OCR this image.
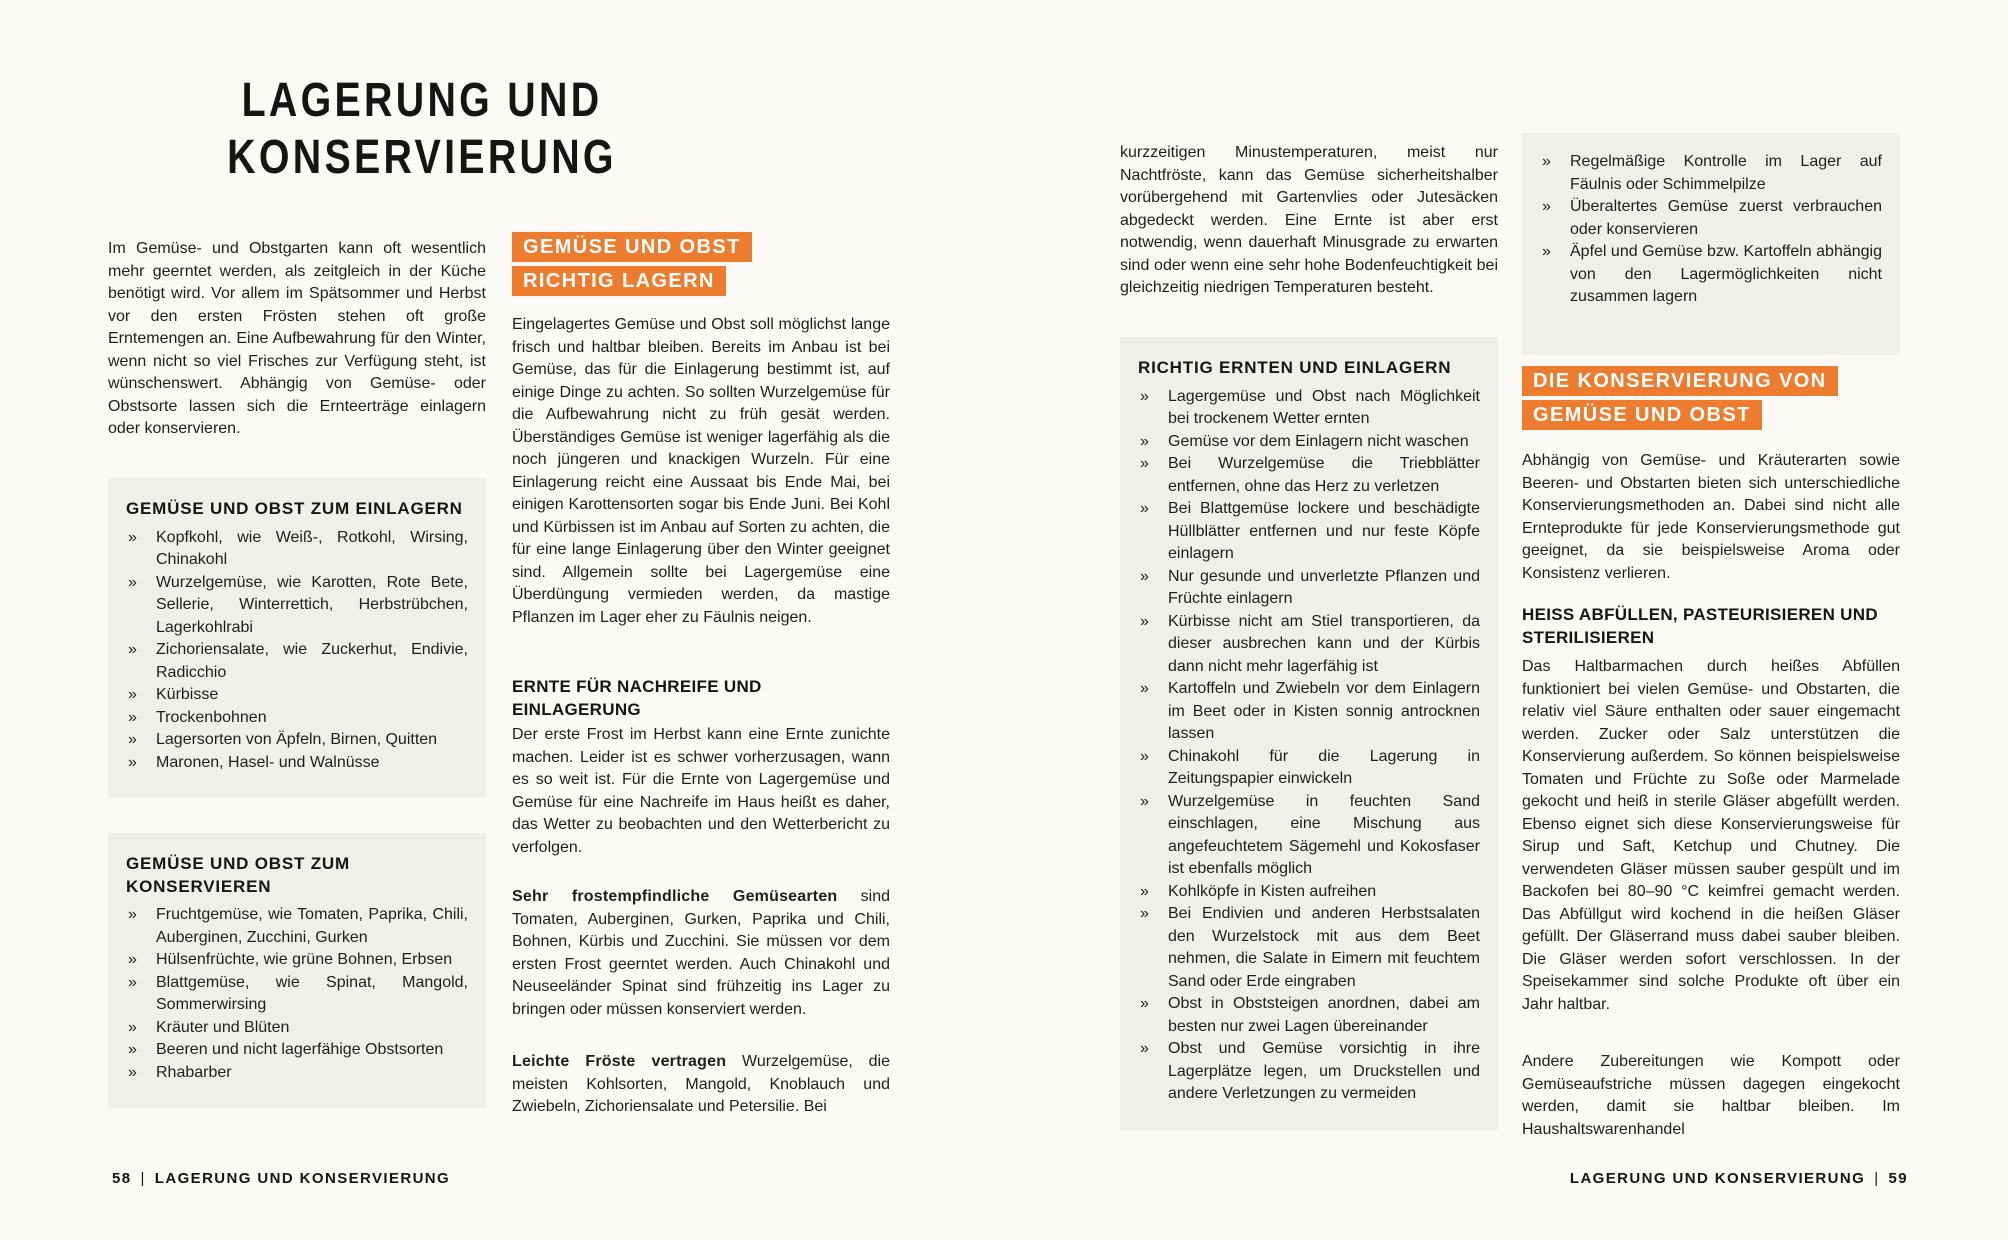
LAGERUNG UND
KONSERVIERUNG

Im Gemüse- und Obstgarten kann oft wesentlich mehr geerntet werden, als zeitgleich in der Küche benötigt wird. Vor allem im Spätsommer und Herbst vor den ersten Frösten stehen oft große Erntemengen an. Eine Aufbewahrung für den Winter, wenn nicht so viel Frisches zur Verfügung steht, ist wünschenswert. Abhängig von Gemüse- oder Obstsorte lassen sich die Ernteerträge einlagern oder konservieren.

GEMÜSE UND OBST ZUM EINLAGERN
»	Kopfkohl, wie Weiß-, Rotkohl, Wirsing, Chinakohl
»	Wurzelgemüse, wie Karotten, Rote Bete, Sellerie, Winterrettich, Herbstrübchen, Lagerkohlrabi
»	Zichoriensalate, wie Zuckerhut, Endivie, Radicchio
»	Kürbisse
»	Trockenbohnen
»	Lagersorten von Äpfeln, Birnen, Quitten
»	Maronen, Hasel- und Walnüsse
GEMÜSE UND OBST ZUM KONSERVIEREN
»	Fruchtgemüse, wie Tomaten, Paprika, Chili, Auberginen, Zucchini, Gurken
»	Hülsenfrüchte, wie grüne Bohnen, Erbsen
»	Blattgemüse, wie Spinat, Mangold, Sommerwirsing
»	Kräuter und Blüten
»	Beeren und nicht lagerfähige Obstsorten
»	Rhabarber
GEMÜSE UND OBST
RICHTIG LAGERN

Eingelagertes Gemüse und Obst soll möglichst lange frisch und haltbar bleiben. Bereits im Anbau ist bei Gemüse, das für die Einlagerung bestimmt ist, auf einige Dinge zu achten. So sollten Wurzelgemüse für die Aufbewahrung nicht zu früh gesät werden. Überständiges Gemüse ist weniger lagerfähig als die noch jüngeren und knackigen Wurzeln. Für eine Einlagerung reicht eine Aussaat bis Ende Mai, bei einigen Karottensorten sogar bis Ende Juni. Bei Kohl und Kürbissen ist im Anbau auf Sorten zu achten, die für eine lange Einlagerung über den Winter geeignet sind. Allgemein sollte bei Lagergemüse eine Überdüngung vermieden werden, da mastige Pflanzen im Lager eher zu Fäulnis neigen.

ERNTE FÜR NACHREIFE UND EINLAGERUNG

Der erste Frost im Herbst kann eine Ernte zunichte machen. Leider ist es schwer vorherzusagen, wann es so weit ist. Für die Ernte von Lagergemüse und Gemüse für eine Nachreife im Haus heißt es daher, das Wetter zu beobachten und den Wetterbericht zu verfolgen.

Sehr frostempfindliche Gemüsearten sind Tomaten, Auberginen, Gurken, Paprika und Chili, Bohnen, Kürbis und Zucchini. Sie müssen vor dem ersten Frost geerntet werden. Auch Chinakohl und Neuseeländer Spinat sind frühzeitig ins Lager zu bringen oder müssen konserviert werden.

Leichte Fröste vertragen Wurzelgemüse, die meisten Kohlsorten, Mangold, Knoblauch und Zwiebeln, Zichoriensalate und Petersilie. Bei

58 | LAGERUNG UND KONSERVIERUNG

kurzzeitigen Minustemperaturen, meist nur Nachtfröste, kann das Gemüse sicherheitshalber vorübergehend mit Gartenvlies oder Jutesäcken abgedeckt werden. Eine Ernte ist aber erst notwendig, wenn dauerhaft Minusgrade zu erwarten sind oder wenn eine sehr hohe Bodenfeuchtigkeit bei gleichzeitig niedrigen Temperaturen besteht.

RICHTIG ERNTEN UND EINLAGERN
»	Lagergemüse und Obst nach Möglichkeit bei trockenem Wetter ernten
»	Gemüse vor dem Einlagern nicht waschen
»	Bei Wurzelgemüse die Triebblätter entfernen, ohne das Herz zu verletzen
»	Bei Blattgemüse lockere und beschädigte Hüllblätter entfernen und nur feste Köpfe einlagern
»	Nur gesunde und unverletzte Pflanzen und Früchte einlagern
»	Kürbisse nicht am Stiel transportieren, da dieser ausbrechen kann und der Kürbis dann nicht mehr lagerfähig ist
»	Kartoffeln und Zwiebeln vor dem Einlagern im Beet oder in Kisten sonnig antrocknen lassen
»	Chinakohl für die Lagerung in Zeitungspapier einwickeln
»	Wurzelgemüse in feuchten Sand einschlagen, eine Mischung aus angefeuchtetem Sägemehl und Kokosfaser ist ebenfalls möglich
»	Kohlköpfe in Kisten aufreihen
»	Bei Endivien und anderen Herbstsalaten den Wurzelstock mit aus dem Beet nehmen, die Salate in Eimern mit feuchtem Sand oder Erde eingraben
»	Obst in Obststeigen anordnen, dabei am besten nur zwei Lagen übereinander
»	Obst und Gemüse vorsichtig in ihre Lagerplätze legen, um Druckstellen und andere Verletzungen zu vermeiden
»	Regelmäßige Kontrolle im Lager auf Fäulnis oder Schimmelpilze
»	Überaltertes Gemüse zuerst verbrauchen oder konservieren
»	Äpfel und Gemüse bzw. Kartoffeln abhängig von den Lagermöglichkeiten nicht zusammen lagern
DIE KONSERVIERUNG VON
GEMÜSE UND OBST

Abhängig von Gemüse- und Kräuterarten sowie Beeren- und Obstarten bieten sich unterschiedliche Konservierungsmethoden an. Dabei sind nicht alle Ernteprodukte für jede Konservierungsmethode gut geeignet, da sie beispielsweise Aroma oder Konsistenz verlieren.

HEISS ABFÜLLEN, PASTEURISIEREN UND STERILISIEREN

Das Haltbarmachen durch heißes Abfüllen funktioniert bei vielen Gemüse- und Obstarten, die relativ viel Säure enthalten oder sauer eingemacht werden. Zucker oder Salz unterstützen die Konservierung außerdem. So können beispielsweise Tomaten und Früchte zu Soße oder Marmelade gekocht und heiß in sterile Gläser abgefüllt werden. Ebenso eignet sich diese Konservierungsweise für Sirup und Saft, Ketchup und Chutney. Die verwendeten Gläser müssen sauber gespült und im Backofen bei 80–90 °C keimfrei gemacht werden. Das Abfüllgut wird kochend in die heißen Gläser gefüllt. Der Gläserrand muss dabei sauber bleiben. Die Gläser werden sofort verschlossen. In der Speisekammer sind solche Produkte oft über ein Jahr haltbar.

Andere Zubereitungen wie Kompott oder Gemüseaufstriche müssen dagegen eingekocht werden, damit sie haltbar bleiben. Im Haushaltswarenhandel

LAGERUNG UND KONSERVIERUNG | 59
